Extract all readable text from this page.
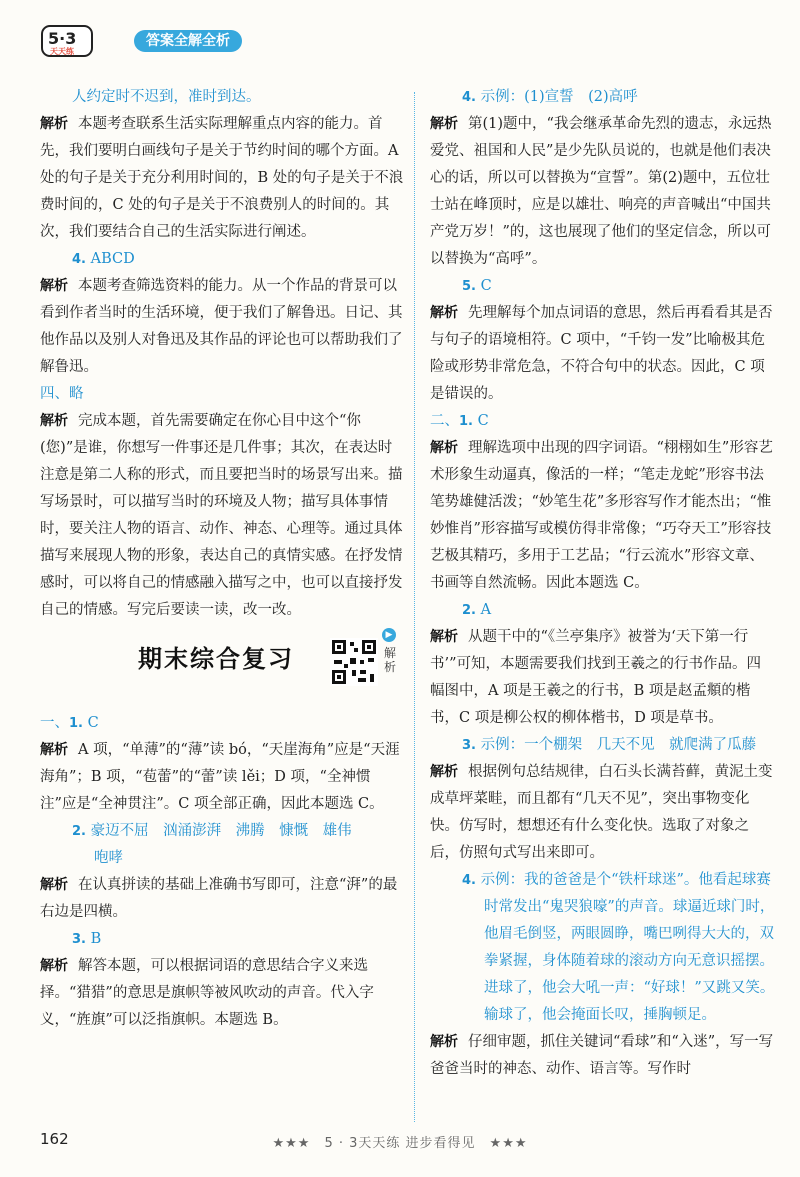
5·3
天天练
答案全解全析

人约定时不迟到，准时到达。

解析 本题考查联系生活实际理解重点内容的能力。首先，我们要明白画线句子是关于节约时间的哪个方面。A 处的句子是关于充分利用时间的，B 处的句子是关于不浪费时间的，C 处的句子是关于不浪费别人的时间的。其次，我们要结合自己的生活实际进行阐述。

4. ABCD

解析 本题考查筛选资料的能力。从一个作品的背景可以看到作者当时的生活环境，便于我们了解鲁迅。日记、其他作品以及别人对鲁迅及其作品的评论也可以帮助我们了解鲁迅。

四、略

解析 完成本题，首先需要确定在你心目中这个“你(您)”是谁，你想写一件事还是几件事；其次，在表达时注意是第二人称的形式，而且要把当时的场景写出来。描写场景时，可以描写当时的环境及人物；描写具体事情时，要关注人物的语言、动作、神态、心理等。通过具体描写来展现人物的形象，表达自己的真情实感。在抒发情感时，可以将自己的情感融入描写之中，也可以直接抒发自己的情感。写完后要读一读，改一改。

期末综合复习
▶
解析

一、1. C

解析 A 项，“单薄”的“薄”读 bó，“天崖海角”应是“天涯海角”；B 项，“苞蕾”的“蕾”读 lěi；D 项，“全神惯注”应是“全神贯注”。C 项全部正确，因此本题选 C。

2. 豪迈不屈　汹涌澎湃　沸腾　慷慨　雄伟

咆哮

解析 在认真拼读的基础上准确书写即可，注意“湃”的最右边是四横。

3. B

解析 解答本题，可以根据词语的意思结合字义来选择。“猎猎”的意思是旗帜等被风吹动的声音。代入字义，“旌旗”可以泛指旗帜。本题选 B。

4. 示例：(1)宣誓　(2)高呼

解析 第(1)题中，“我会继承革命先烈的遗志，永远热爱党、祖国和人民”是少先队员说的，也就是他们表决心的话，所以可以替换为“宣誓”。第(2)题中，五位壮士站在峰顶时，应是以雄壮、响亮的声音喊出“中国共产党万岁！”的，这也展现了他们的坚定信念，所以可以替换为“高呼”。

5. C

解析 先理解每个加点词语的意思，然后再看看其是否与句子的语境相符。C 项中，“千钧一发”比喻极其危险或形势非常危急，不符合句中的状态。因此，C 项是错误的。

二、1. C

解析 理解选项中出现的四字词语。“栩栩如生”形容艺术形象生动逼真，像活的一样；“笔走龙蛇”形容书法笔势雄健活泼；“妙笔生花”多形容写作才能杰出；“惟妙惟肖”形容描写或模仿得非常像；“巧夺天工”形容技艺极其精巧，多用于工艺品；“行云流水”形容文章、书画等自然流畅。因此本题选 C。

2. A

解析 从题干中的“《兰亭集序》被誉为‘天下第一行书’”可知，本题需要我们找到王羲之的行书作品。四幅图中，A 项是王羲之的行书，B 项是赵孟頫的楷书，C 项是柳公权的柳体楷书，D 项是草书。

3. 示例：一个棚架　几天不见　就爬满了瓜藤

解析 根据例句总结规律，白石头长满苔藓，黄泥土变成草坪菜畦，而且都有“几天不见”，突出事物变化快。仿写时，想想还有什么变化快。选取了对象之后，仿照句式写出来即可。

4. 示例：我的爸爸是个“铁杆球迷”。他看起球赛时常发出“鬼哭狼嚎”的声音。球逼近球门时，他眉毛倒竖，两眼圆睁，嘴巴咧得大大的，双拳紧握，身体随着球的滚动方向无意识摇摆。进球了，他会大吼一声：“好球！”又跳又笑。输球了，他会掩面长叹，捶胸顿足。

解析 仔细审题，抓住关键词“看球”和“入迷”，写一写爸爸当时的神态、动作、语言等。写作时

162	★★★　5 · 3天天练 进步看得见　★★★
